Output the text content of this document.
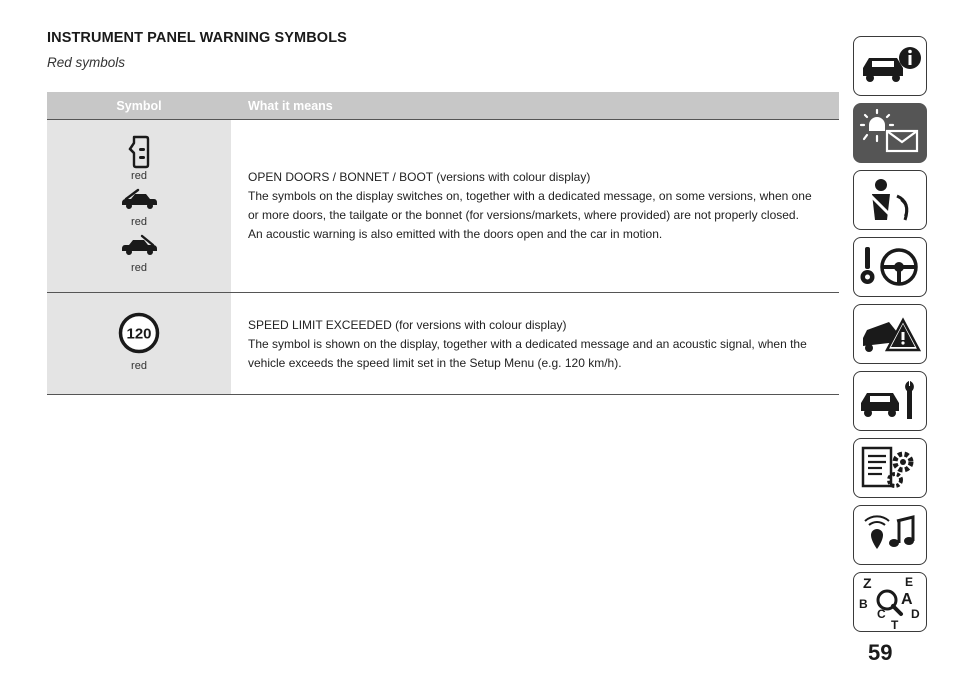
INSTRUMENT PANEL WARNING SYMBOLS
Red symbols
Symbol	What it means
red
red
red
OPEN DOORS / BONNET / BOOT (versions with colour display)
The symbols on the display switches on, together with a dedicated message, on some versions, when one
or more doors, the tailgate or the bonnet (for versions/markets, where provided) are not properly closed.
An acoustic warning is also emitted with the doors open and the car in motion.
120
red
SPEED LIMIT EXCEEDED (for versions with colour display)
The symbol is shown on the display, together with a dedicated message and an acoustic signal, when the
vehicle exceeds the speed limit set in the Setup Menu (e.g. 120 km/h).
Z	E
A
B
C D
T
59
